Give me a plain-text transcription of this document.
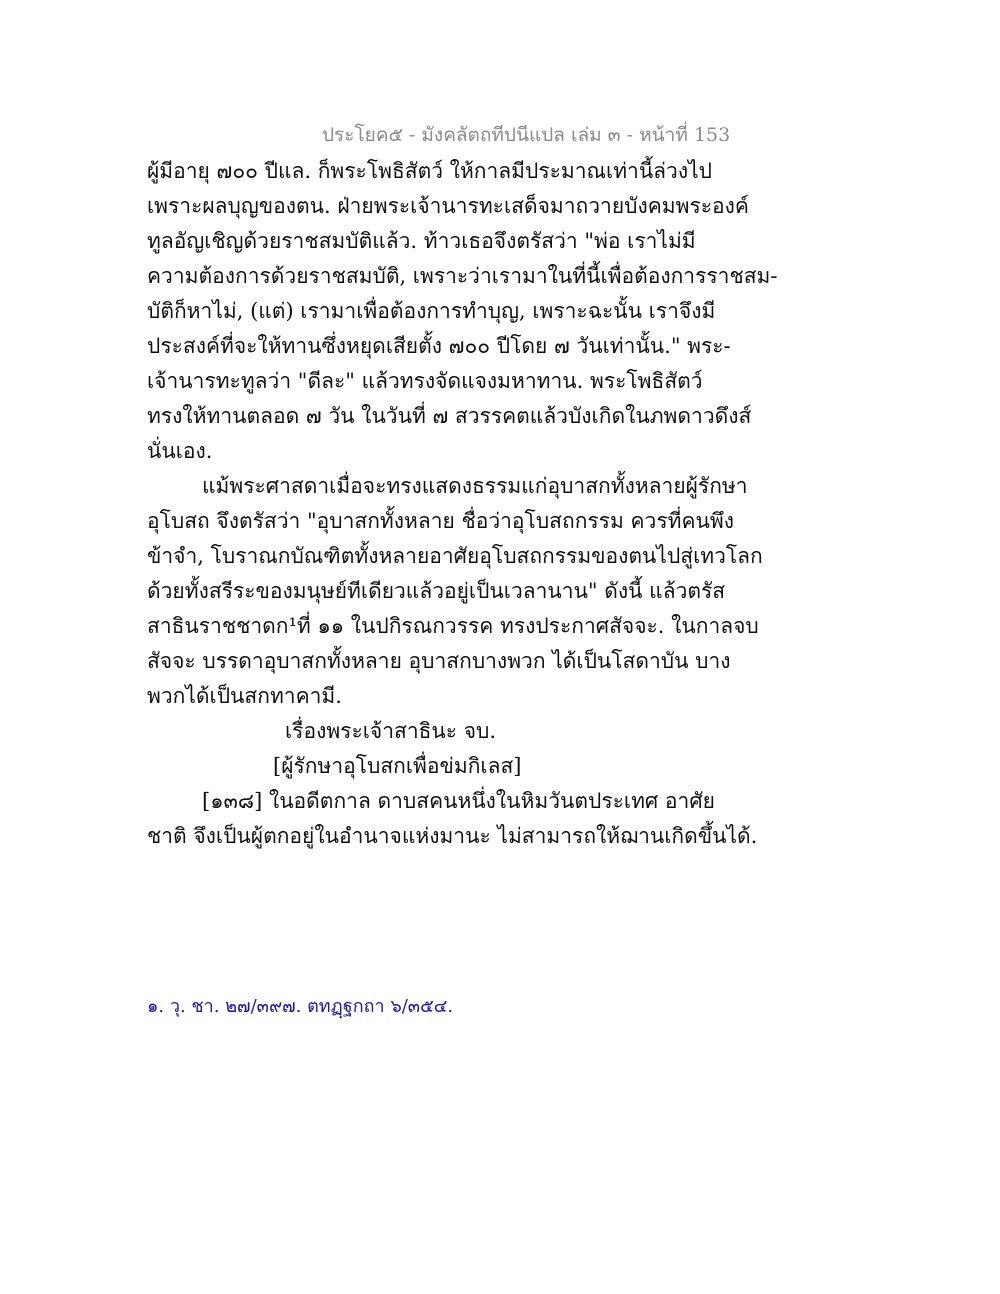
ประโยค๕ - มังคลัตถทีปนีแปล เล่ม ๓ - หน้าที่ 153
ผู้มีอายุ ๗๐๐ ปีแล. ก็พระโพธิสัตว์ ให้กาลมีประมาณเท่านี้ล่วงไป
เพราะผลบุญของตน. ฝ่ายพระเจ้านารทะเสด็จมาถวายบังคมพระองค์
ทูลอัญเชิญด้วยราชสมบัติแล้ว. ท้าวเธอจึงตรัสว่า "พ่อ เราไม่มี
ความต้องการด้วยราชสมบัติ, เพราะว่าเรามาในที่นี้เพื่อต้องการราชสม-
บัติก็หาไม่, (แต่) เรามาเพื่อต้องการทำบุญ, เพราะฉะนั้น เราจึงมี
ประสงค์ที่จะให้ทานซึ่งหยุดเสียตั้ง ๗๐๐ ปีโดย ๗ วันเท่านั้น." พระ-
เจ้านารทะทูลว่า "ดีละ" แล้วทรงจัดแจงมหาทาน. พระโพธิสัตว์
ทรงให้ทานตลอด ๗ วัน ในวันที่ ๗ สวรรคตแล้วบังเกิดในภพดาวดึงส์
นั่นเอง.
แม้พระศาสดาเมื่อจะทรงแสดงธรรมแก่อุบาสกทั้งหลายผู้รักษา
อุโบสถ จึงตรัสว่า "อุบาสกทั้งหลาย ชื่อว่าอุโบสถกรรม ควรที่คนพึง
ข้าจำ, โบราณกบัณฑิตทั้งหลายอาศัยอุโบสถกรรมของตนไปสู่เทวโลก
ด้วยทั้งสรีระของมนุษย์ทีเดียวแล้วอยู่เป็นเวลานาน" ดังนี้ แล้วตรัส
สาธินราชชาดก¹ที่ ๑๑ ในปกิรณกวรรค ทรงประกาศสัจจะ. ในกาลจบ
สัจจะ บรรดาอุบาสกทั้งหลาย อุบาสกบางพวก ได้เป็นโสดาบัน บาง
พวกได้เป็นสกทาคามี.
เรื่องพระเจ้าสาธินะ จบ.
[ผู้รักษาอุโบสกเพื่อข่มกิเลส]
[๑๓๘] ในอดีตกาล ดาบสคนหนึ่งในหิมวันตประเทศ อาศัย
ชาติ จึงเป็นผู้ตกอยู่ในอำนาจแห่งมานะ ไม่สามารถให้ฌานเกิดขึ้นได้.
๑. วุ. ชา. ๒๗/๓๙๗. ตทฏฺฐกถา ๖/๓๕๔.
